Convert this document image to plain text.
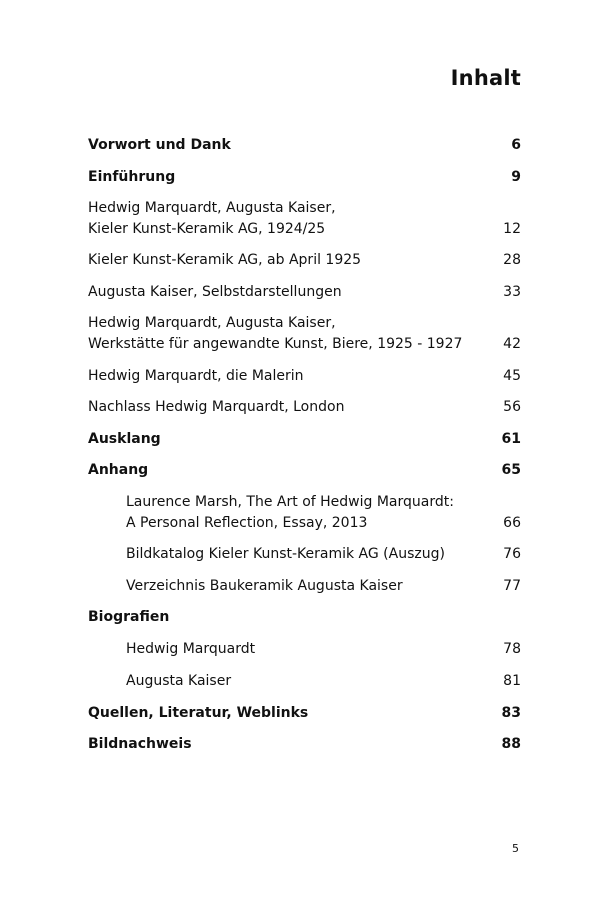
Inhalt
Vorwort und Dank	6
Einführung	9
Hedwig Marquardt, Augusta Kaiser,
Kieler Kunst-Keramik AG, 1924/25	12
Kieler Kunst-Keramik AG, ab April 1925	28
Augusta Kaiser, Selbstdarstellungen	33
Hedwig Marquardt, Augusta Kaiser,
Werkstätte für angewandte Kunst, Biere, 1925 - 1927	42
Hedwig Marquardt, die Malerin	45
Nachlass Hedwig Marquardt, London	56
Ausklang	61
Anhang	65
Laurence Marsh, The Art of Hedwig Marquardt:
A Personal Reflection, Essay, 2013	66
Bildkatalog Kieler Kunst-Keramik AG (Auszug)	76
Verzeichnis Baukeramik Augusta Kaiser	77
Biografien
Hedwig Marquardt	78
Augusta Kaiser	81
Quellen, Literatur, Weblinks	83
Bildnachweis	88
5
